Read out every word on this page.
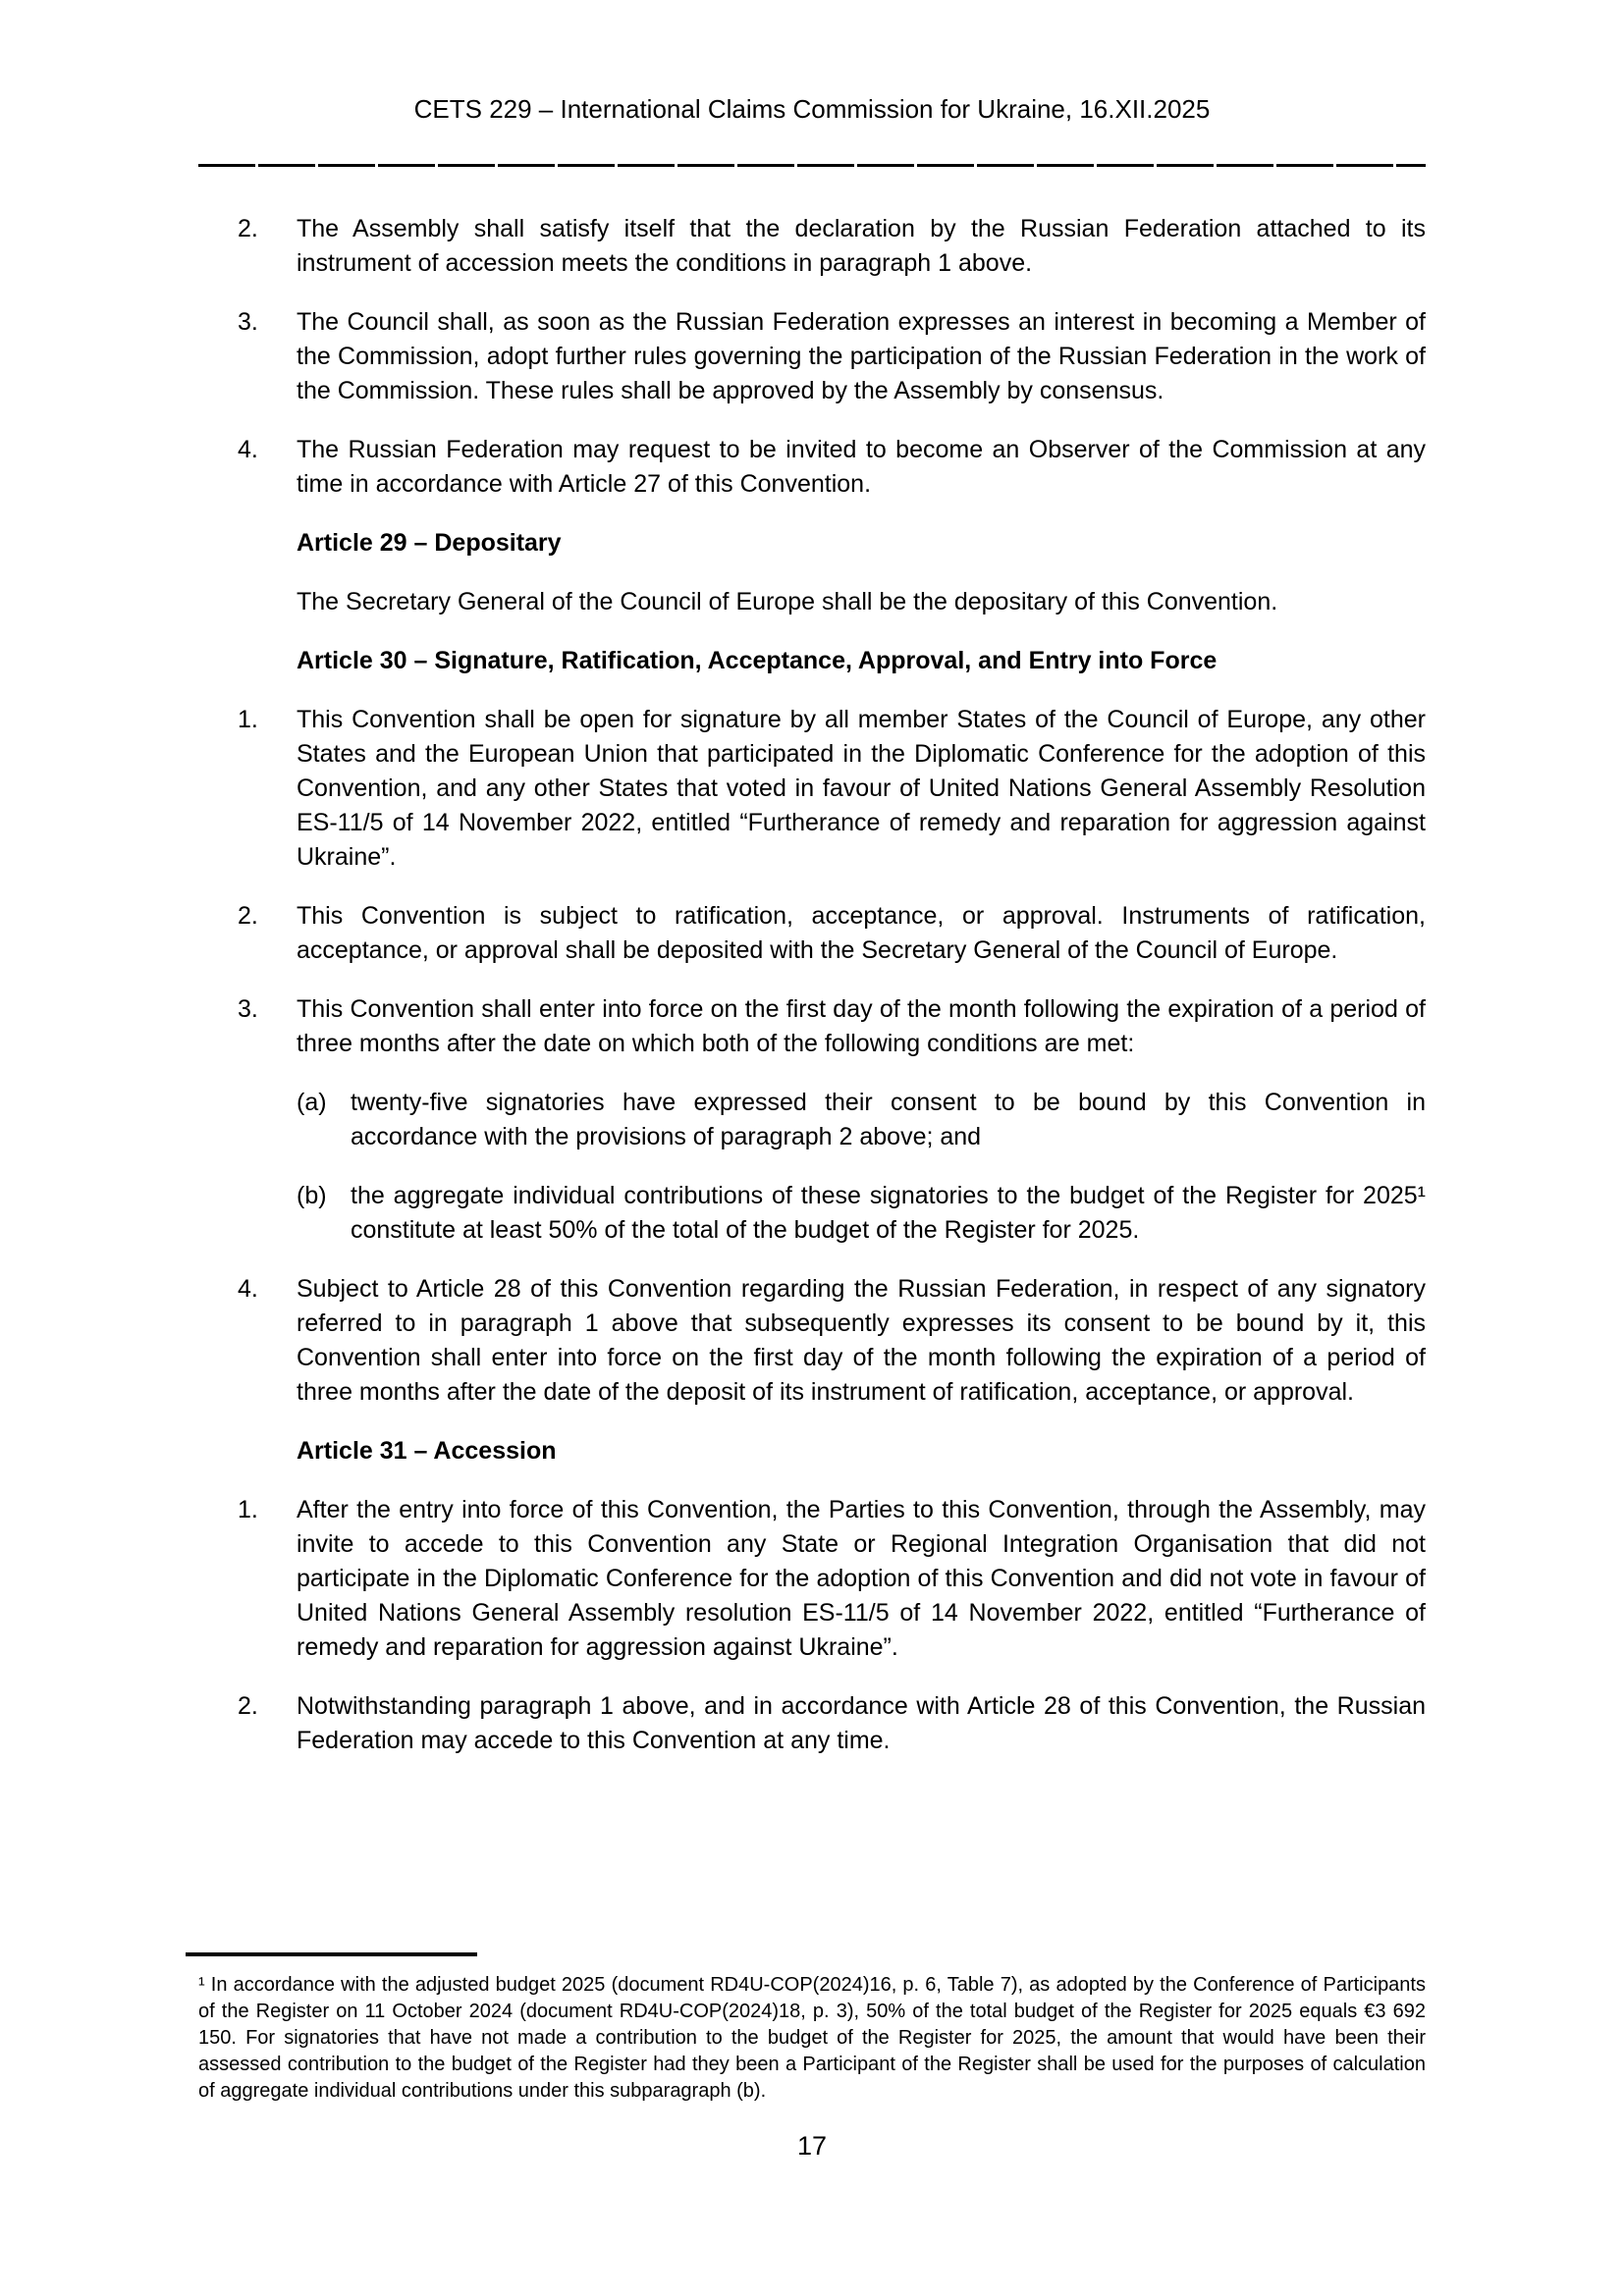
CETS 229 – International Claims Commission for Ukraine, 16.XII.2025
2. The Assembly shall satisfy itself that the declaration by the Russian Federation attached to its instrument of accession meets the conditions in paragraph 1 above.
3. The Council shall, as soon as the Russian Federation expresses an interest in becoming a Member of the Commission, adopt further rules governing the participation of the Russian Federation in the work of the Commission. These rules shall be approved by the Assembly by consensus.
4. The Russian Federation may request to be invited to become an Observer of the Commission at any time in accordance with Article 27 of this Convention.
Article 29 – Depositary
The Secretary General of the Council of Europe shall be the depositary of this Convention.
Article 30 – Signature, Ratification, Acceptance, Approval, and Entry into Force
1. This Convention shall be open for signature by all member States of the Council of Europe, any other States and the European Union that participated in the Diplomatic Conference for the adoption of this Convention, and any other States that voted in favour of United Nations General Assembly Resolution ES-11/5 of 14 November 2022, entitled “Furtherance of remedy and reparation for aggression against Ukraine”.
2. This Convention is subject to ratification, acceptance, or approval. Instruments of ratification, acceptance, or approval shall be deposited with the Secretary General of the Council of Europe.
3. This Convention shall enter into force on the first day of the month following the expiration of a period of three months after the date on which both of the following conditions are met:
(a) twenty-five signatories have expressed their consent to be bound by this Convention in accordance with the provisions of paragraph 2 above; and
(b) the aggregate individual contributions of these signatories to the budget of the Register for 2025¹ constitute at least 50% of the total of the budget of the Register for 2025.
4. Subject to Article 28 of this Convention regarding the Russian Federation, in respect of any signatory referred to in paragraph 1 above that subsequently expresses its consent to be bound by it, this Convention shall enter into force on the first day of the month following the expiration of a period of three months after the date of the deposit of its instrument of ratification, acceptance, or approval.
Article 31 – Accession
1. After the entry into force of this Convention, the Parties to this Convention, through the Assembly, may invite to accede to this Convention any State or Regional Integration Organisation that did not participate in the Diplomatic Conference for the adoption of this Convention and did not vote in favour of United Nations General Assembly resolution ES-11/5 of 14 November 2022, entitled “Furtherance of remedy and reparation for aggression against Ukraine”.
2. Notwithstanding paragraph 1 above, and in accordance with Article 28 of this Convention, the Russian Federation may accede to this Convention at any time.
¹ In accordance with the adjusted budget 2025 (document RD4U-COP(2024)16, p. 6, Table 7), as adopted by the Conference of Participants of the Register on 11 October 2024 (document RD4U-COP(2024)18, p. 3), 50% of the total budget of the Register for 2025 equals €3 692 150. For signatories that have not made a contribution to the budget of the Register for 2025, the amount that would have been their assessed contribution to the budget of the Register had they been a Participant of the Register shall be used for the purposes of calculation of aggregate individual contributions under this subparagraph (b).
17
